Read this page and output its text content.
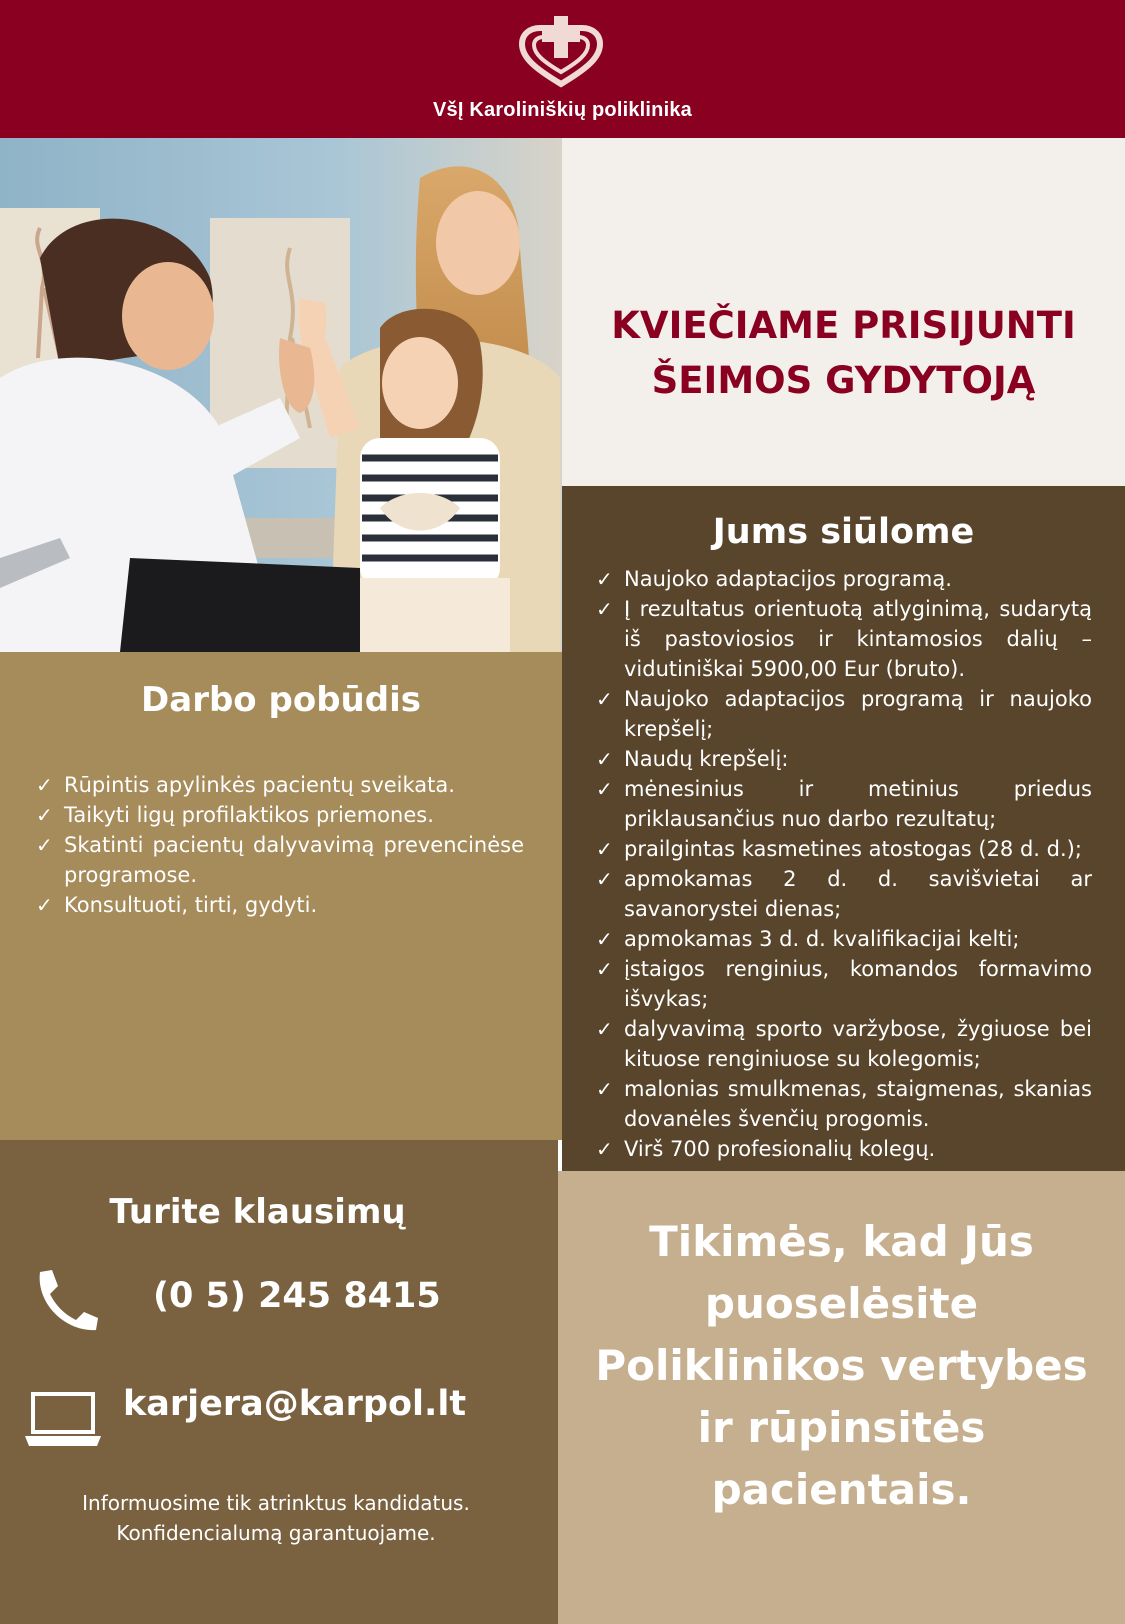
VšĮ Karoliniškių poliklinika
KVIEČIAME PRISIJUNTI
ŠEIMOS GYDYTOJĄ
Jums siūlome
✓ Naujoko adaptacijos programą.
✓ Į rezultatus orientuotą atlyginimą, sudarytą iš pastoviosios ir kintamosios dalių – vidutiniškai 5900,00 Eur (bruto).
✓ Naujoko adaptacijos programą ir naujoko krepšelį;
✓ Naudų krepšelį:
✓ mėnesinius ir metinius priedus priklausančius nuo darbo rezultatų;
✓ prailgintas kasmetines atostogas (28 d. d.);
✓ apmokamas 2 d. d. savišvietai ar savanorystei dienas;
✓ apmokamas 3 d. d. kvalifikacijai kelti;
✓ įstaigos renginius, komandos formavimo išvykas;
✓ dalyvavimą sporto varžybose, žygiuose bei kituose renginiuose su kolegomis;
✓ malonias smulkmenas, staigmenas, skanias dovanėles švenčių progomis.
✓ Virš 700 profesionalių kolegų.
Darbo pobūdis
✓ Rūpintis apylinkės pacientų sveikata.
✓ Taikyti ligų profilaktikos priemones.
✓ Skatinti pacientų dalyvavimą prevencinėse programose.
✓ Konsultuoti, tirti, gydyti.
Turite klausimų
(0 5) 245 8415
karjera@karpol.lt
Informuosime tik atrinktus kandidatus.
Konfidencialumą garantuojame.
Tikimės, kad Jūs
puoselėsite
Poliklinikos vertybes
ir rūpinsitės
pacientais.
